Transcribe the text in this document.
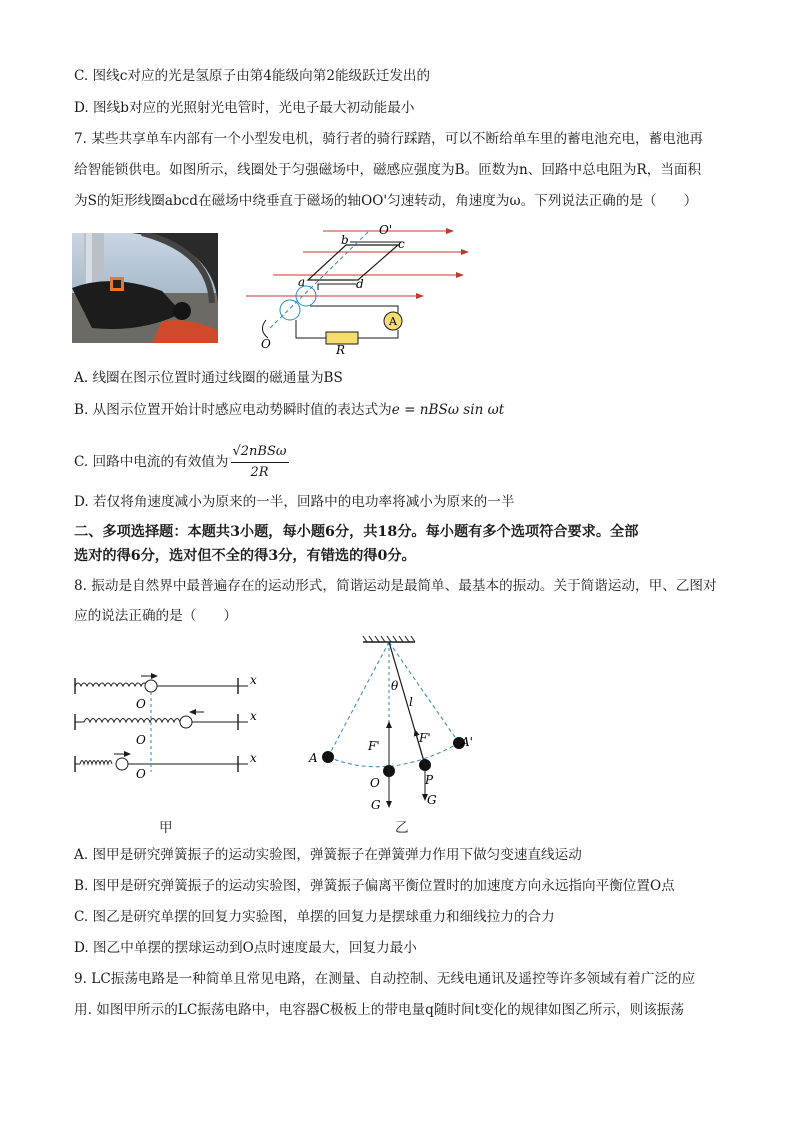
C. 图线c对应的光是氢原子由第4能级向第2能级跃迁发出的
D. 图线b对应的光照射光电管时，光电子最大初动能最小
7. 某些共享单车内部有一个小型发电机，骑行者的骑行踩踏，可以不断给单车里的蓄电池充电，蓄电池再
给智能锁供电。如图所示，线圈处于匀强磁场中，磁感应强度为B。匝数为n、回路中总电阻为R，当面积
为S的矩形线圈abcd在磁场中绕垂直于磁场的轴OO'匀速转动，角速度为ω。下列说法正确的是（　　）
O'
b	c
a	d
O	R
A
A. 线圈在图示位置时通过线圈的磁通量为BS
B. 从图示位置开始计时感应电动势瞬时值的表达式为e = nBSω sin ωt
C. 回路中电流的有效值为 $\frac{\text{√2nBSω}}{2R}$
D. 若仅将角速度减小为原来的一半，回路中的电功率将减小为原来的一半
二、多项选择题：本题共3小题，每小题6分，共18分。每小题有多个选项符合要求。全部
选对的得6分，选对但不全的得3分，有错选的得0分。
8. 振动是自然界中最普遍存在的运动形式，简谐运动是最简单、最基本的振动。关于简谐运动，甲、乙图对
应的说法正确的是（　　）
O
O
O
x
x
x
θ
l
F'
F'
A
A'
O	P
G	G
甲	乙
A. 图甲是研究弹簧振子的运动实验图，弹簧振子在弹簧弹力作用下做匀变速直线运动
B. 图甲是研究弹簧振子的运动实验图，弹簧振子偏离平衡位置时的加速度方向永远指向平衡位置O点
C. 图乙是研究单摆的回复力实验图，单摆的回复力是摆球重力和细线拉力的合力
D. 图乙中单摆的摆球运动到O点时速度最大，回复力最小
9. LC振荡电路是一种简单且常见电路，在测量、自动控制、无线电通讯及遥控等许多领域有着广泛的应
用. 如图甲所示的LC振荡电路中，电容器C极板上的带电量q随时间t变化的规律如图乙所示，则该振荡
